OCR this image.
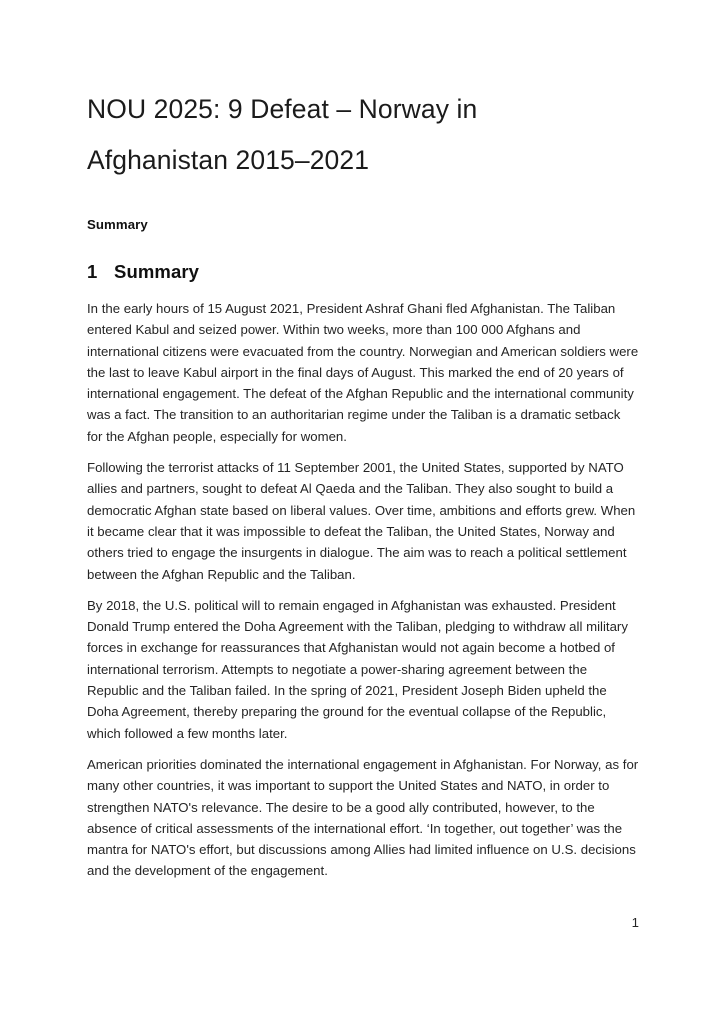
NOU 2025: 9 Defeat – Norway in Afghanistan 2015–2021
Summary
1 Summary

In the early hours of 15 August 2021, President Ashraf Ghani fled Afghanistan. The Taliban entered Kabul and seized power. Within two weeks, more than 100 000 Afghans and international citizens were evacuated from the country. Norwegian and American soldiers were the last to leave Kabul airport in the final days of August. This marked the end of 20 years of international engagement. The defeat of the Afghan Republic and the international community was a fact. The transition to an authoritarian regime under the Taliban is a dramatic setback for the Afghan people, especially for women.

Following the terrorist attacks of 11 September 2001, the United States, supported by NATO allies and partners, sought to defeat Al Qaeda and the Taliban. They also sought to build a democratic Afghan state based on liberal values. Over time, ambitions and efforts grew. When it became clear that it was impossible to defeat the Taliban, the United States, Norway and others tried to engage the insurgents in dialogue. The aim was to reach a political settlement between the Afghan Republic and the Taliban.

By 2018, the U.S. political will to remain engaged in Afghanistan was exhausted. President Donald Trump entered the Doha Agreement with the Taliban, pledging to withdraw all military forces in exchange for reassurances that Afghanistan would not again become a hotbed of international terrorism. Attempts to negotiate a power-sharing agreement between the Republic and the Taliban failed. In the spring of 2021, President Joseph Biden upheld the Doha Agreement, thereby preparing the ground for the eventual collapse of the Republic, which followed a few months later.

American priorities dominated the international engagement in Afghanistan. For Norway, as for many other countries, it was important to support the United States and NATO, in order to strengthen NATO's relevance. The desire to be a good ally contributed, however, to the absence of critical assessments of the international effort. ‘In together, out together’ was the mantra for NATO's effort, but discussions among Allies had limited influence on U.S. decisions and the development of the engagement.

1
